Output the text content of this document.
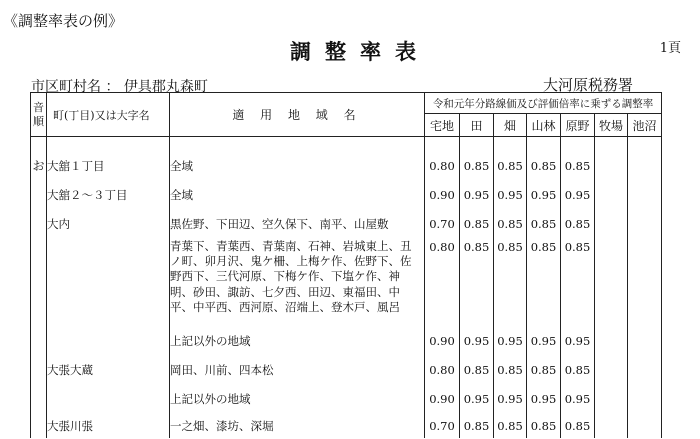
《調整率表の例》
調整率表	1頁
市区町村名 ： 伊具郡丸森町	大河原税務署
音
順	町(丁目)又は大字名	適 用 地 域 名	令和元年分路線価及び評価倍率に乗ずる調整率						
			宅地	田	畑	山林	原野	牧場	池沼

お	大舘１丁目	全域	0.80	0.85	0.85	0.85	0.85		
	大舘２～３丁目	全域	0.90	0.95	0.95	0.95	0.95		
	大内	黒佐野、下田辺、空久保下、南平、山屋敷	0.70	0.85	0.85	0.85	0.85		
		青葉下、青葉西、青葉南、石神、岩城東上、丑
ノ町、卯月沢、鬼ケ柵、上梅ケ作、佐野下、佐
野西下、三代河原、下梅ケ作、下塩ケ作、神
明、砂田、諏訪、七夕西、田辺、東福田、中
平、中平西、西河原、沼端上、登木戸、風呂	0.80	0.85	0.85	0.85	0.85		
		上記以外の地域	0.90	0.95	0.95	0.95	0.95		
	大張大蔵	岡田、川前、四本松	0.80	0.85	0.85	0.85	0.85		
		上記以外の地域	0.90	0.95	0.95	0.95	0.95		
	大張川張	一之畑、漆坊、深堀	0.70	0.85	0.85	0.85	0.85		
